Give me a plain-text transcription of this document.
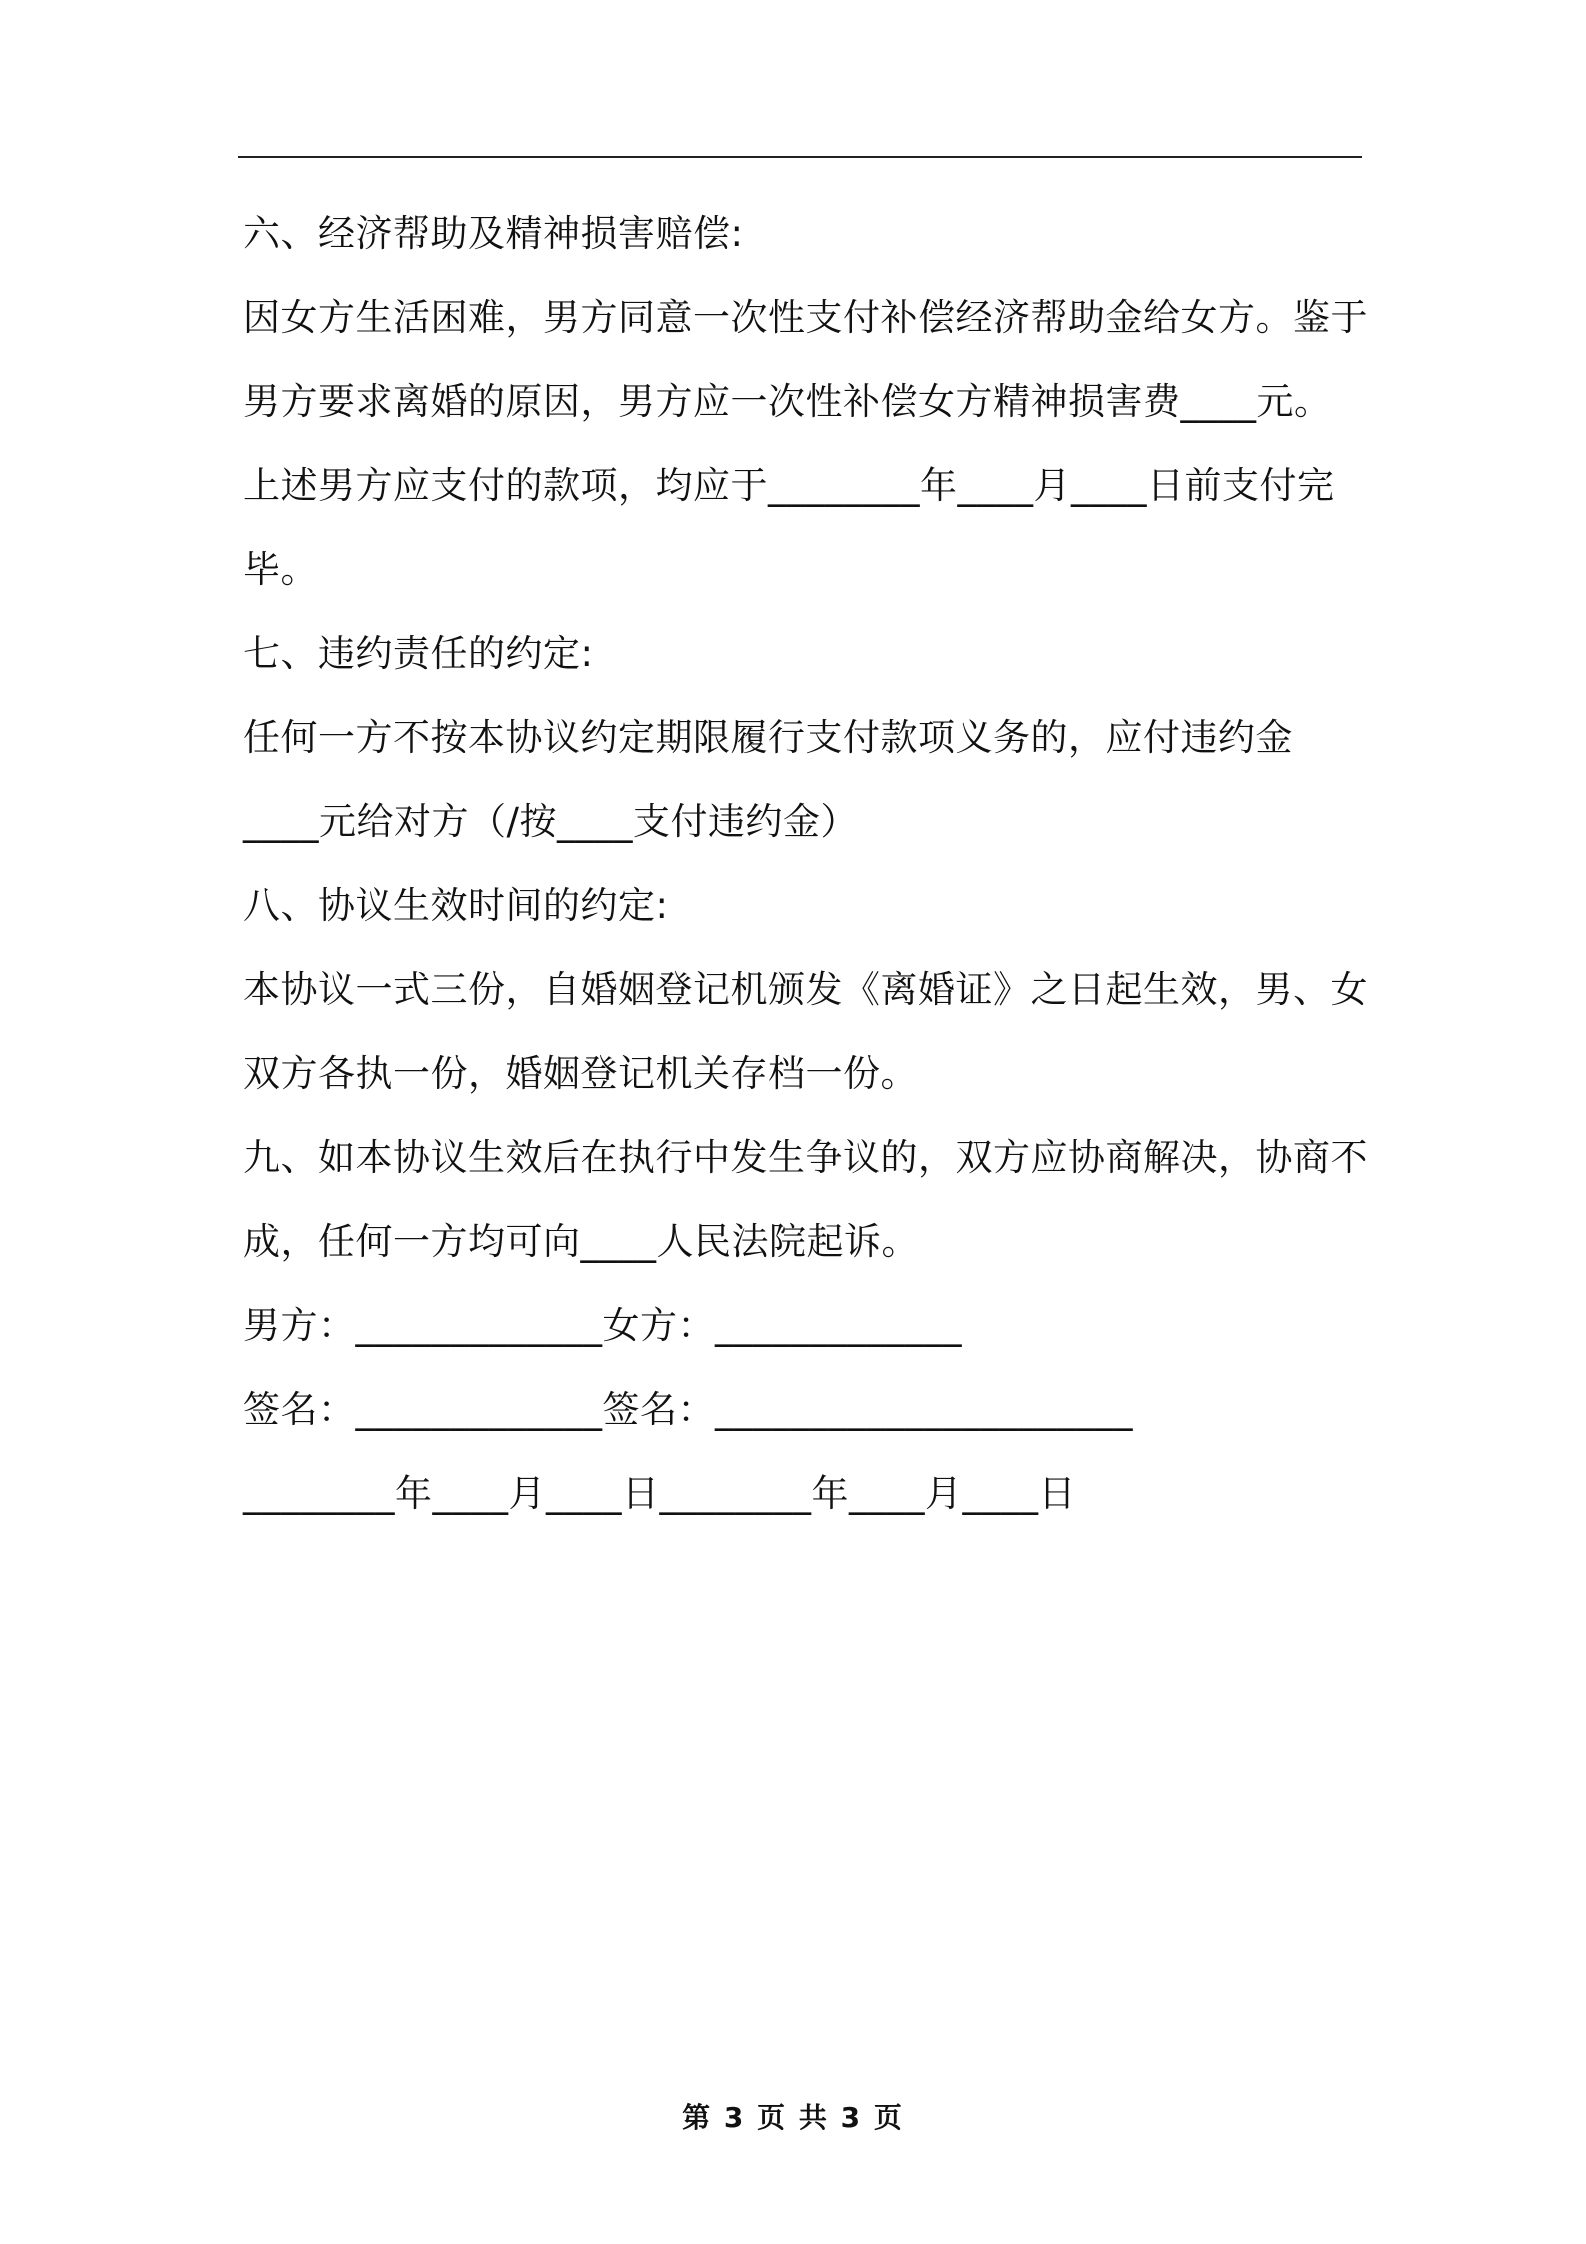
六、经济帮助及精神损害赔偿:
因女方生活困难，男方同意一次性支付补偿经济帮助金给女方。鉴于
男方要求离婚的原因，男方应一次性补偿女方精神损害费____元。
上述男方应支付的款项，均应于________年____月____日前支付完
毕。
七、违约责任的约定:
任何一方不按本协议约定期限履行支付款项义务的，应付违约金
____元给对方（/按____支付违约金）
八、协议生效时间的约定:
本协议一式三份，自婚姻登记机颁发《离婚证》之日起生效，男、女
双方各执一份，婚姻登记机关存档一份。
九、如本协议生效后在执行中发生争议的，双方应协商解决，协商不
成，任何一方均可向____人民法院起诉。
男方：_____________女方：_____________
签名：_____________签名：______________________
________年____月____日________年____月____日
第 3 页 共 3 页
